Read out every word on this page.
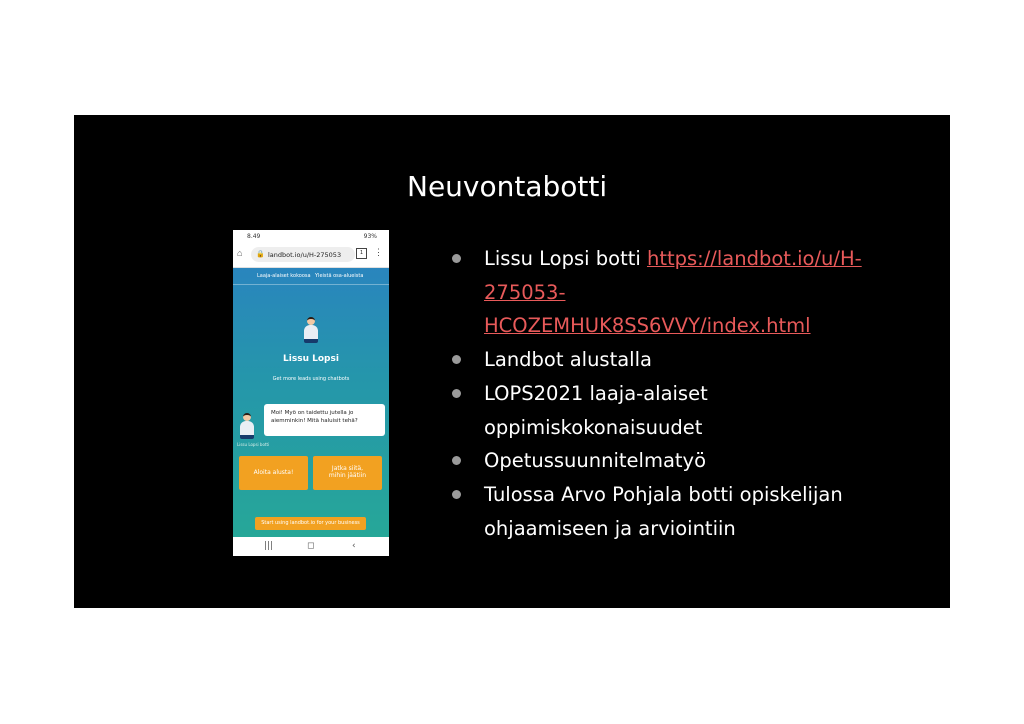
Neuvontabotti
8.49	93%
⌂	🔒 landbot.io/u/H-275053	1	⋮
Laaja-alaiset kokoosa Yleistä osa-alueista
Lissu Lopsi
Get more leads using chatbots
Moi! Myö on taidettu jutella jo
aiemminkin! Mitä haluisit tehä?
Lissu Lopsi botti
Aloita alusta!
Jatka siitä,
mihin jäätiin
Start using landbot.io for your business
|||	◻	‹
Lissu Lopsi botti https://landbot.io/u/H-
275053-
HCOZEMHUK8SS6VVY/index.html
Landbot alustalla
LOPS2021 laaja-alaiset
oppimiskokonaisuudet
Opetussuunnitelmatyö
Tulossa Arvo Pohjala botti opiskelijan
ohjaamiseen ja arviointiin
